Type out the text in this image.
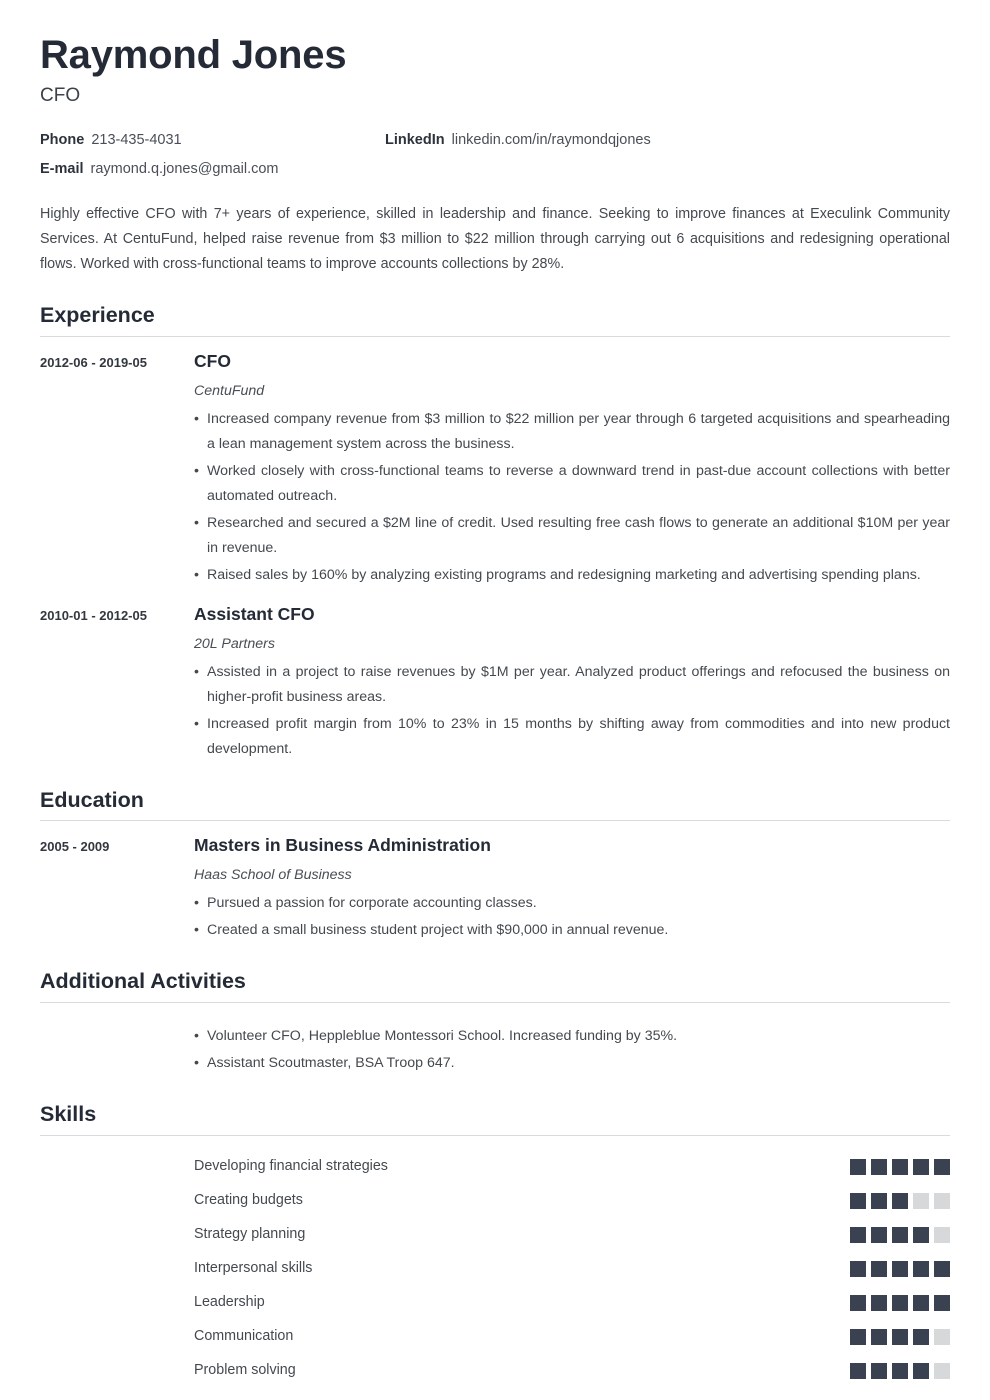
Raymond Jones
CFO
Phone 213-435-4031	LinkedIn linkedin.com/in/raymondqjones
E-mail raymond.q.jones@gmail.com
Highly effective CFO with 7+ years of experience, skilled in leadership and finance. Seeking to improve finances at Execulink Community Services. At CentuFund, helped raise revenue from $3 million to $22 million through carrying out 6 acquisitions and redesigning operational flows. Worked with cross-functional teams to improve accounts collections by 28%.
Experience
2012-06 - 2019-05	CFO
CentuFund
• Increased company revenue from $3 million to $22 million per year through 6 targeted acquisitions and spearheading a lean management system across the business.
• Worked closely with cross-functional teams to reverse a downward trend in past-due account collections with better automated outreach.
• Researched and secured a $2M line of credit. Used resulting free cash flows to generate an additional $10M per year in revenue.
• Raised sales by 160% by analyzing existing programs and redesigning marketing and advertising spending plans.
2010-01 - 2012-05	Assistant CFO
20L Partners
• Assisted in a project to raise revenues by $1M per year. Analyzed product offerings and refocused the business on higher-profit business areas.
• Increased profit margin from 10% to 23% in 15 months by shifting away from commodities and into new product development.
Education
2005 - 2009	Masters in Business Administration
Haas School of Business
• Pursued a passion for corporate accounting classes.
• Created a small business student project with $90,000 in annual revenue.
Additional Activities
• Volunteer CFO, Heppleblue Montessori School. Increased funding by 35%.
• Assistant Scoutmaster, BSA Troop 647.
Skills
Developing financial strategies
Creating budgets
Strategy planning
Interpersonal skills
Leadership
Communication
Problem solving
